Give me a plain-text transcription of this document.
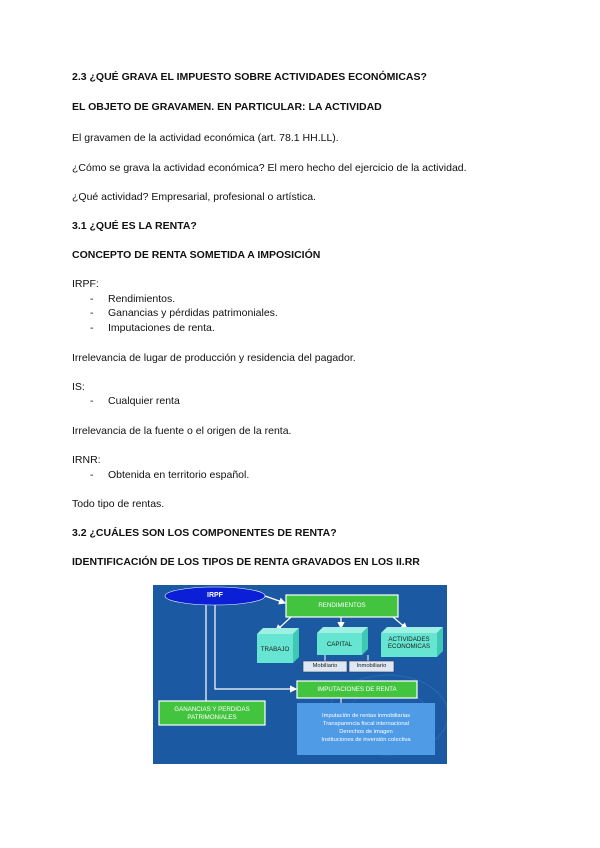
2.3 ¿QUÉ GRAVA EL IMPUESTO SOBRE ACTIVIDADES ECONÓMICAS?
EL OBJETO DE GRAVAMEN. EN PARTICULAR: LA ACTIVIDAD
El gravamen de la actividad económica (art. 78.1 HH.LL).
¿Cómo se grava la actividad económica? El mero hecho del ejercicio de la actividad.
¿Qué actividad? Empresarial, profesional o artística.
3.1 ¿QUÉ ES LA RENTA?
CONCEPTO DE RENTA SOMETIDA A IMPOSICIÓN
IRPF:
- Rendimientos.
- Ganancias y pérdidas patrimoniales.
- Imputaciones de renta.
Irrelevancia de lugar de producción y residencia del pagador.
IS:
- Cualquier renta
Irrelevancia de la fuente o el origen de la renta.
IRNR:
- Obtenida en territorio español.
Todo tipo de rentas.
3.2 ¿CUÁLES SON LOS COMPONENTES DE RENTA?
IDENTIFICACIÓN DE LOS TIPOS DE RENTA GRAVADOS EN LOS II.RR
IRPF
RENDIMIENTOS
TRABAJO
CAPITAL
ACTIVIDADES
ECONOMICAS
Mobiliario	Inmobiliario
IMPUTACIONES DE RENTA
GANANCIAS Y PERDIDAS
PATRIMONIALES	Imputación de rentas inmobiliarias
Transparencia fiscal internacional
Derechos de imagen
Instituciones de inversión colectiva
